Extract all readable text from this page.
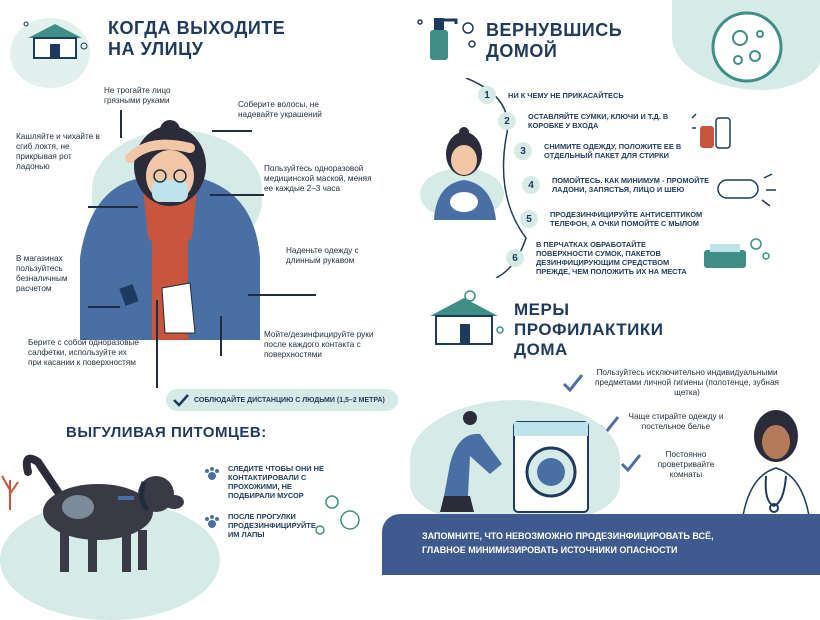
КОГДА ВЫХОДИТЕ
НА УЛИЦУ
Не трогайте лицо грязными руками	Соберите волосы, не надевайте украшений
Кашляйте и чихайте в сгиб локтя, не прикрывая рот ладонью	Пользуйтесь одноразовой медицинской маской, меняя ее каждые 2–3 часа
Наденьте одежду с длинным рукавом
В магазинах пользуйтесь безналичным расчетом
Берите с собой одноразовые салфетки, используйте их при касании к поверхностям
Мойте/дезинфицируйте руки после каждого контакта с поверхностями
СОБЛЮДАЙТЕ ДИСТАНЦИЮ С ЛЮДЬМИ (1,5–2 МЕТРА)
ВЫГУЛИВАЯ ПИТОМЦЕВ:
СЛЕДИТЕ ЧТОБЫ ОНИ НЕ КОНТАКТИРОВАЛИ С ПРОХОЖИМИ, НЕ ПОДБИРАЛИ МУСОР
ПОСЛЕ ПРОГУЛКИ ПРОДЕЗИНФИЦИРУЙТЕ ИМ ЛАПЫ
ВЕРНУВШИСЬ
ДОМОЙ
1	НИ К ЧЕМУ НЕ ПРИКАСАЙТЕСЬ
2	ОСТАВЛЯЙТЕ СУМКИ, КЛЮЧИ И Т.Д. В КОРОБКЕ У ВХОДА
3	СНИМИТЕ ОДЕЖДУ, ПОЛОЖИТЕ ЕЕ В ОТДЕЛЬНЫЙ ПАКЕТ ДЛЯ СТИРКИ
4	ПОМОЙТЕСЬ. КАК МИНИМУМ - ПРОМОЙТЕ ЛАДОНИ, ЗАПЯСТЬЯ, ЛИЦО И ШЕЮ
5	ПРОДЕЗИНФИЦИРУЙТЕ АНТИСЕПТИКОМ ТЕЛЕФОН, А ОЧКИ ПОМОЙТЕ С МЫЛОМ
6
В ПЕРЧАТКАХ ОБРАБОТАЙТЕ ПОВЕРХНОСТИ СУМОК, ПАКЕТОВ ДЕЗИНФИЦИРУЮЩИМ СРЕДСТВОМ ПРЕЖДЕ, ЧЕМ ПОЛОЖИТЬ ИХ НА МЕСТА
МЕРЫ
ПРОФИЛАКТИКИ
ДОМА
Пользуйтесь исключительно индивидуальными предметами личной гигиены (полотенце, зубная щетка)
Чаще стирайте одежду и постельное белье
Постоянно проветривайте комнаты
ЗАПОМНИТЕ, ЧТО НЕВОЗМОЖНО ПРОДЕЗИНФИЦИРОВАТЬ ВСЁ,
ГЛАВНОЕ МИНИМИЗИРОВАТЬ ИСТОЧНИКИ ОПАСНОСТИ
